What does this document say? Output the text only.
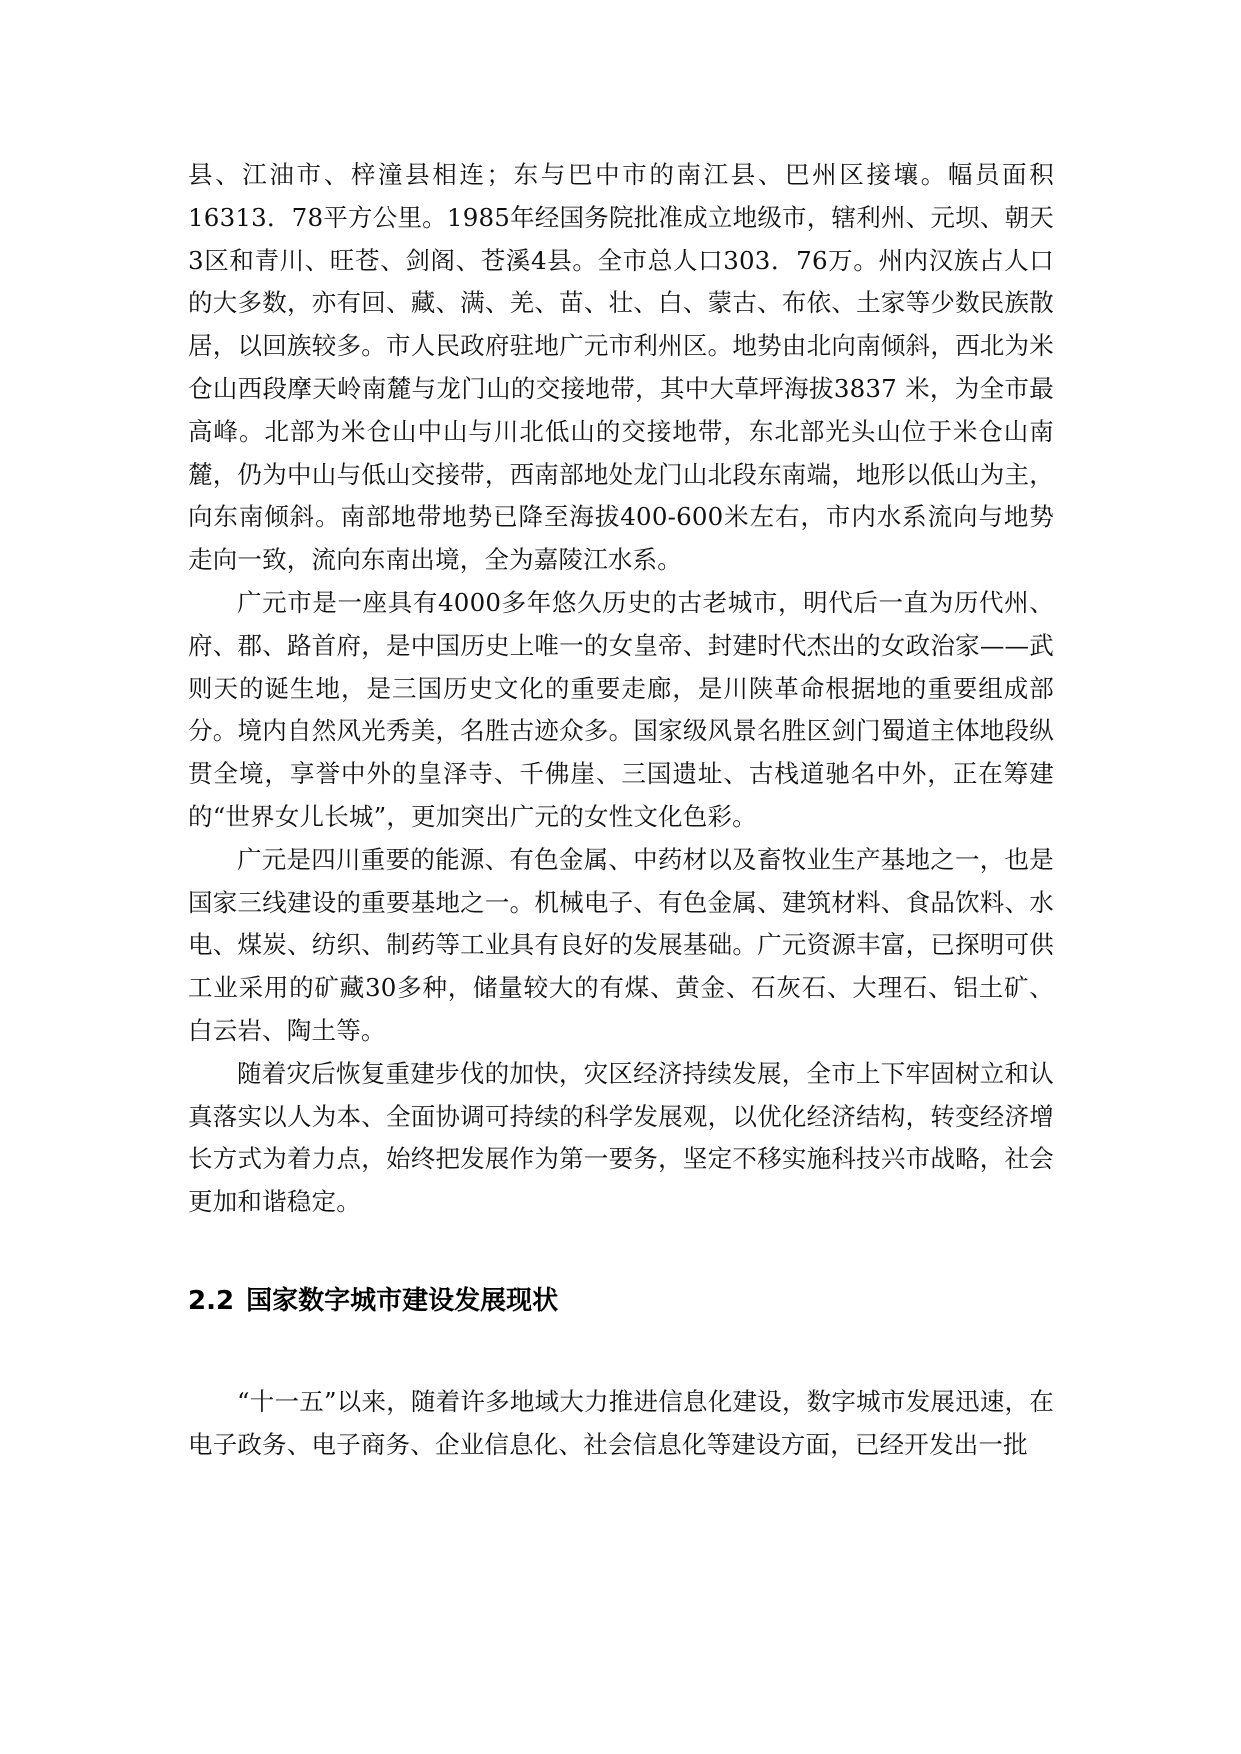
县、江油市、梓潼县相连；东与巴中市的南江县、巴州区接壤。幅员面积16313．78平方公里。1985年经国务院批准成立地级市，辖利州、元坝、朝天3区和青川、旺苍、剑阁、苍溪4县。全市总人口303．76万。州内汉族占人口的大多数，亦有回、藏、满、羌、苗、壮、白、蒙古、布依、土家等少数民族散居，以回族较多。市人民政府驻地广元市利州区。地势由北向南倾斜，西北为米仓山西段摩天岭南麓与龙门山的交接地带，其中大草坪海拔3837 米，为全市最高峰。北部为米仓山中山与川北低山的交接地带，东北部光头山位于米仓山南麓，仍为中山与低山交接带，西南部地处龙门山北段东南端，地形以低山为主，向东南倾斜。南部地带地势已降至海拔400-600米左右，市内水系流向与地势走向一致，流向东南出境，全为嘉陵江水系。

广元市是一座具有4000多年悠久历史的古老城市，明代后一直为历代州、府、郡、路首府，是中国历史上唯一的女皇帝、封建时代杰出的女政治家——武则天的诞生地，是三国历史文化的重要走廊，是川陕革命根据地的重要组成部分。境内自然风光秀美，名胜古迹众多。国家级风景名胜区剑门蜀道主体地段纵贯全境，享誉中外的皇泽寺、千佛崖、三国遗址、古栈道驰名中外，正在筹建的“世界女儿长城”，更加突出广元的女性文化色彩。

广元是四川重要的能源、有色金属、中药材以及畜牧业生产基地之一，也是国家三线建设的重要基地之一。机械电子、有色金属、建筑材料、食品饮料、水电、煤炭、纺织、制药等工业具有良好的发展基础。广元资源丰富，已探明可供工业采用的矿藏30多种，储量较大的有煤、黄金、石灰石、大理石、铝土矿、白云岩、陶土等。

随着灾后恢复重建步伐的加快，灾区经济持续发展，全市上下牢固树立和认真落实以人为本、全面协调可持续的科学发展观，以优化经济结构，转变经济增长方式为着力点，始终把发展作为第一要务，坚定不移实施科技兴市战略，社会更加和谐稳定。

2.2 国家数字城市建设发展现状

“十一五”以来，随着许多地域大力推进信息化建设，数字城市发展迅速，在电子政务、电子商务、企业信息化、社会信息化等建设方面，已经开发出一批
